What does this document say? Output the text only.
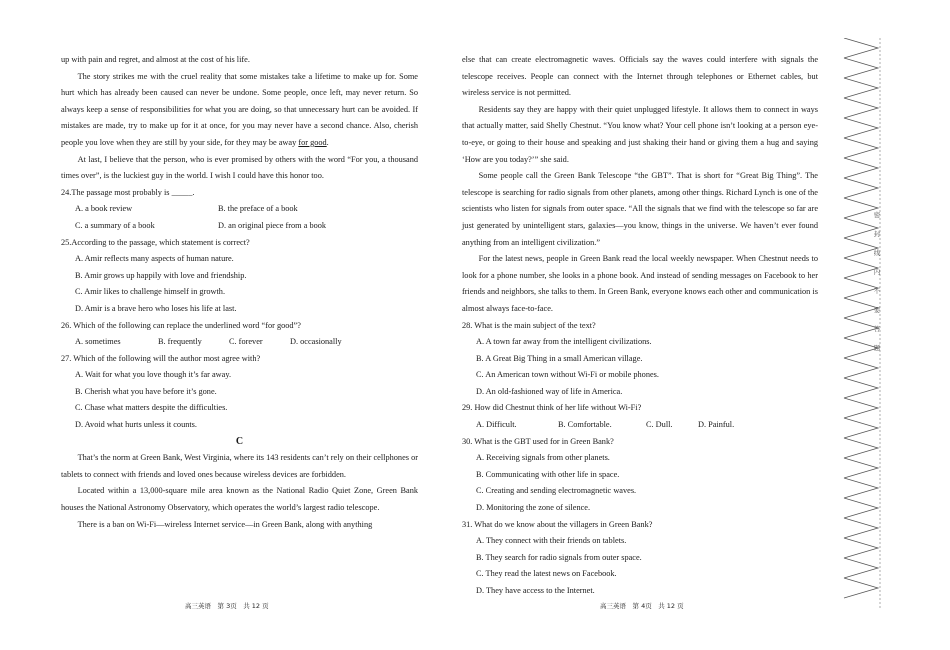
up with pain and regret, and almost at the cost of his life.

The story strikes me with the cruel reality that some mistakes take a lifetime to make up for. Some hurt which has already been caused can never be undone. Some people, once left, may never return. So always keep a sense of responsibilities for what you are doing, so that unnecessary hurt can be avoided. If mistakes are made, try to make up for it at once, for you may never have a second chance. Also, cherish people you love when they are still by your side, for they may be away for good.

At last, I believe that the person, who is ever promised by others with the word “For you, a thousand times over”, is the luckiest guy in the world. I wish I could have this honor too.

24.The passage most probably is _____.

A. a book review	B. the preface of a book
C. a summary of a book	D. an original piece from a book

25.According to the passage, which statement is correct?

A. Amir reflects many aspects of human nature.

B. Amir grows up happily with love and friendship.

C. Amir likes to challenge himself in growth.

D. Amir is a brave hero who loses his life at last.

26. Which of the following can replace the underlined word “for good”?

A. sometimes	B. frequently	C. forever	D. occasionally

27. Which of the following will the author most agree with?

A. Wait for what you love though it’s far away.

B. Cherish what you have before it’s gone.

C. Chase what matters despite the difficulties.

D. Avoid what hurts unless it counts.

C

That’s the norm at Green Bank, West Virginia, where its 143 residents can’t rely on their cellphones or tablets to connect with friends and loved ones because wireless devices are forbidden.

Located within a 13,000-square mile area known as the National Radio Quiet Zone, Green Bank houses the National Astronomy Observatory, which operates the world’s largest radio telescope.

There is a ban on Wi-Fi—wireless Internet service—in Green Bank, along with anything

else that can create electromagnetic waves. Officials say the waves could interfere with signals the telescope receives. People can connect with the Internet through telephones or Ethernet cables, but wireless service is not permitted.

Residents say they are happy with their quiet unplugged lifestyle. It allows them to connect in ways that actually matter, said Shelly Chestnut. “You know what? Your cell phone isn’t looking at a person eye-to-eye, or going to their house and speaking and just shaking their hand or giving them a hug and saying ‘How are you today?’” she said.

Some people call the Green Bank Telescope “the GBT”. That is short for “Great Big Thing”. The telescope is searching for radio signals from other planets, among other things. Richard Lynch is one of the scientists who listen for signals from outer space. “All the signals that we find with the telescope so far are just generated by unintelligent stars, galaxies—you know, things in the universe. We haven’t ever found anything from an intelligent civilization.”

For the latest news, people in Green Bank read the local weekly newspaper. When Chestnut needs to look for a phone number, she looks in a phone book. And instead of sending messages on Facebook to her friends and neighbors, she talks to them. In Green Bank, everyone knows each other and communication is almost always face-to-face.

28. What is the main subject of the text?

A. A town far away from the intelligent civilizations.

B. A Great Big Thing in a small American village.

C. An American town without Wi-Fi or mobile phones.

D. An old-fashioned way of life in America.

29. How did Chestnut think of her life without Wi-Fi?

A. Difficult.	B. Comfortable.	C. Dull.	D. Painful.

30. What is the GBT used for in Green Bank?

A. Receiving signals from other planets.

B. Communicating with other life in space.

C. Creating and sending electromagnetic waves.

D. Monitoring the zone of silence.

31. What do we know about the villagers in Green Bank?

A. They connect with their friends on tablets.

B. They search for radio signals from outer space.

C. They read the latest news on Facebook.

D. They have access to the Internet.

高三英语　第 3页　共 12 页	高三英语　第 4页　共 12 页
密
封
线
内
不
要
答
题
